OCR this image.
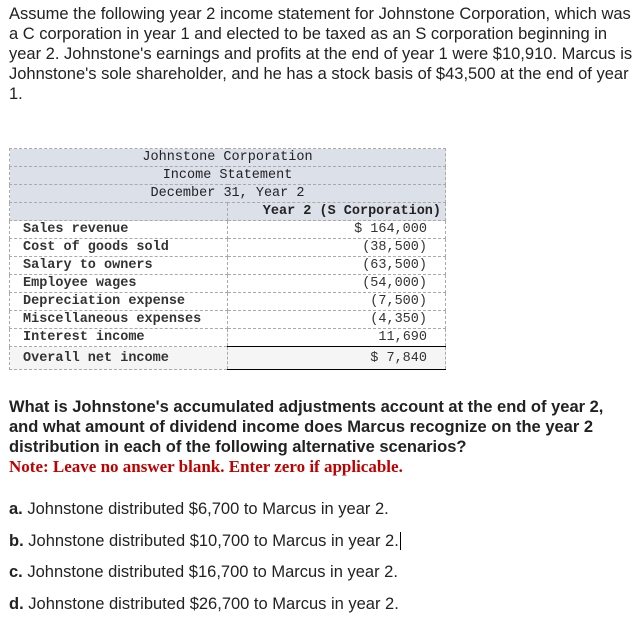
Assume the following year 2 income statement for Johnstone Corporation, which was a C corporation in year 1 and elected to be taxed as an S corporation beginning in year 2. Johnstone's earnings and profits at the end of year 1 were $10,910. Marcus is Johnstone's sole shareholder, and he has a stock basis of $43,500 at the end of year 1.
Johnstone Corporation	
Income Statement	
December 31, Year 2	
	Year 2 (S Corporation)
Sales revenue	$ 164,000
Cost of goods sold	(38,500)
Salary to owners	(63,500)
Employee wages	(54,000)
Depreciation expense	(7,500)
Miscellaneous expenses	(4,350)
Interest income	11,690
Overall net income	$ 7,840
What is Johnstone's accumulated adjustments account at the end of year 2, and what amount of dividend income does Marcus recognize on the year 2 distribution in each of the following alternative scenarios?
Note: Leave no answer blank. Enter zero if applicable.
a. Johnstone distributed $6,700 to Marcus in year 2.
b. Johnstone distributed $10,700 to Marcus in year 2.
c. Johnstone distributed $16,700 to Marcus in year 2.
d. Johnstone distributed $26,700 to Marcus in year 2.
